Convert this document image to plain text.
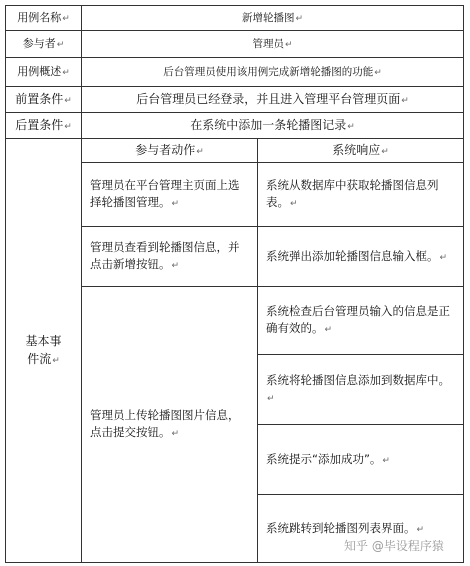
用例名称↵	新增轮播图↵	
参与者↵	管理员↵	
用例概述↵	后台管理员使用该用例完成新增轮播图的功能↵	
前置条件↵	后台管理员已经登录，并且进入管理平台管理页面↵	
后置条件↵	在系统中添加一条轮播图记录↵	
基本事件流↵	参与者动作↵	系统响应↵
	管理员在平台管理主页面上选择轮播图管理。↵	系统从数据库中获取轮播图信息列表。↵
	管理员查看到轮播图信息，并点击新增按钮。↵	系统弹出添加轮播图信息输入框。↵
	管理员上传轮播图图片信息，点击提交按钮。↵	系统检查后台管理员输入的信息是正确有效的。↵
		系统将轮播图信息添加到数据库中。↵
		系统提示“添加成功”。↵
		系统跳转到轮播图列表界面。↵
知乎 @毕设程序猿
